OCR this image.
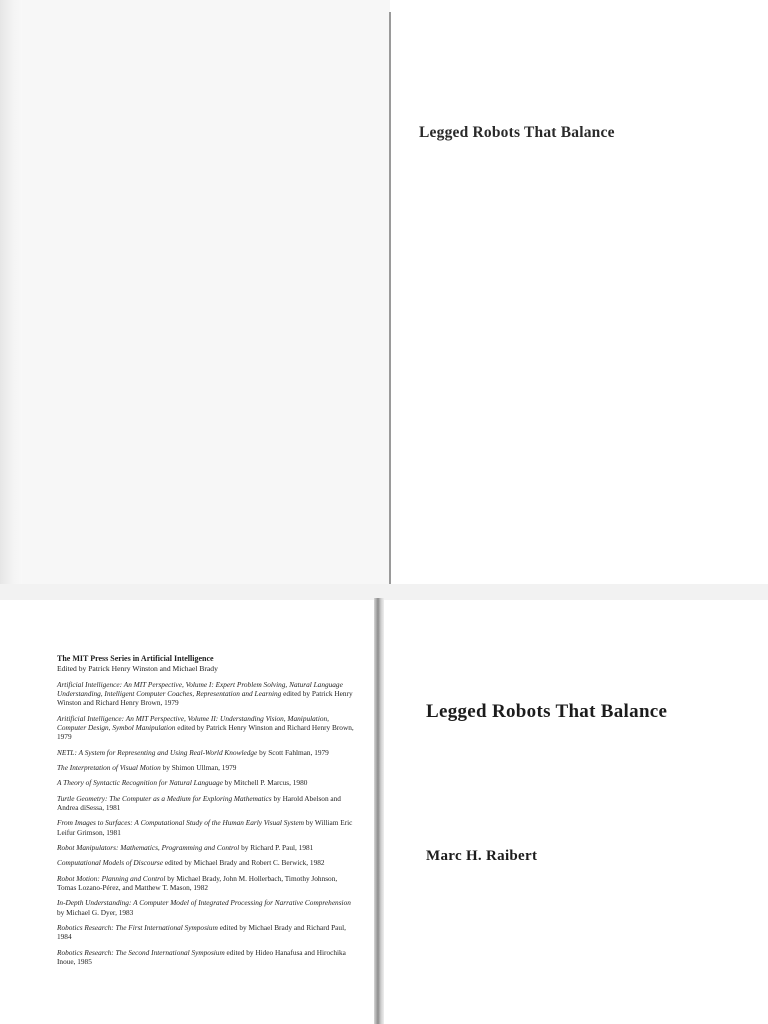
Legged Robots That Balance
The MIT Press Series in Artificial Intelligence
Edited by Patrick Henry Winston and Michael Brady
Artificial Intelligence: An MIT Perspective, Volume I: Expert Problem Solving, Natural Language Understanding, Intelligent Computer Coaches, Representation and Learning edited by Patrick Henry Winston and Richard Henry Brown, 1979
Aritificial Intelligence: An MIT Perspective, Volume II: Understanding Vision, Manipulation, Computer Design, Symbol Manipulation edited by Patrick Henry Winston and Richard Henry Brown, 1979
NETL: A System for Representing and Using Real-World Knowledge by Scott Fahlman, 1979
The Interpretation of Visual Motion by Shimon Ullman, 1979
A Theory of Syntactic Recognition for Natural Language by Mitchell P. Marcus, 1980
Turtle Geometry: The Computer as a Medium for Exploring Mathematics by Harold Abelson and Andrea diSessa, 1981
From Images to Surfaces: A Computational Study of the Human Early Visual System by William Eric Leifur Grimson, 1981
Robot Manipulators: Mathematics, Programming and Control by Richard P. Paul, 1981
Computational Models of Discourse edited by Michael Brady and Robert C. Berwick, 1982
Robot Motion: Planning and Control by Michael Brady, John M. Hollerbach, Timothy Johnson, Tomas Lozano-Pérez, and Matthew T. Mason, 1982
In-Depth Understanding: A Computer Model of Integrated Processing for Narrative Comprehension by Michael G. Dyer, 1983
Robotics Research: The First International Symposium edited by Michael Brady and Richard Paul, 1984
Robotics Research: The Second International Symposium edited by Hideo Hanafusa and Hirochika Inoue, 1985
Legged Robots That Balance
Marc H. Raibert
